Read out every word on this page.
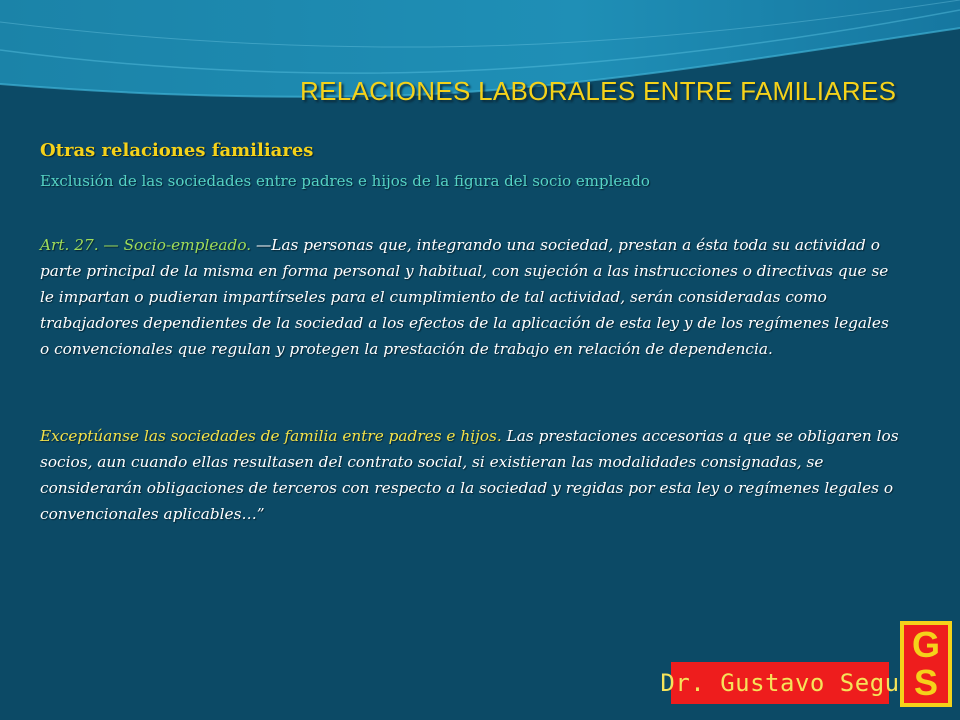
RELACIONES LABORALES ENTRE FAMILIARES
Otras relaciones familiares
Exclusión de las sociedades entre padres e hijos de la figura del socio empleado
Art. 27. — Socio-empleado. —Las personas que, integrando una sociedad, prestan a ésta toda su actividad o parte principal de la misma en forma personal y habitual, con sujeción a las instrucciones o directivas que se le impartan o pudieran impartírseles para el cumplimiento de tal actividad, serán consideradas como trabajadores dependientes de la sociedad a los efectos de la aplicación de esta ley y de los regímenes legales o convencionales que regulan y protegen la prestación de trabajo en relación de dependencia.
Exceptúanse las sociedades de familia entre padres e hijos. Las prestaciones accesorias a que se obligaren los socios, aun cuando ellas resultasen del contrato social, si existieran las modalidades consignadas, se considerarán obligaciones de terceros con respecto a la sociedad y regidas por esta ley o regímenes legales o convencionales aplicables…”
Dr. Gustavo Segu
G
S
